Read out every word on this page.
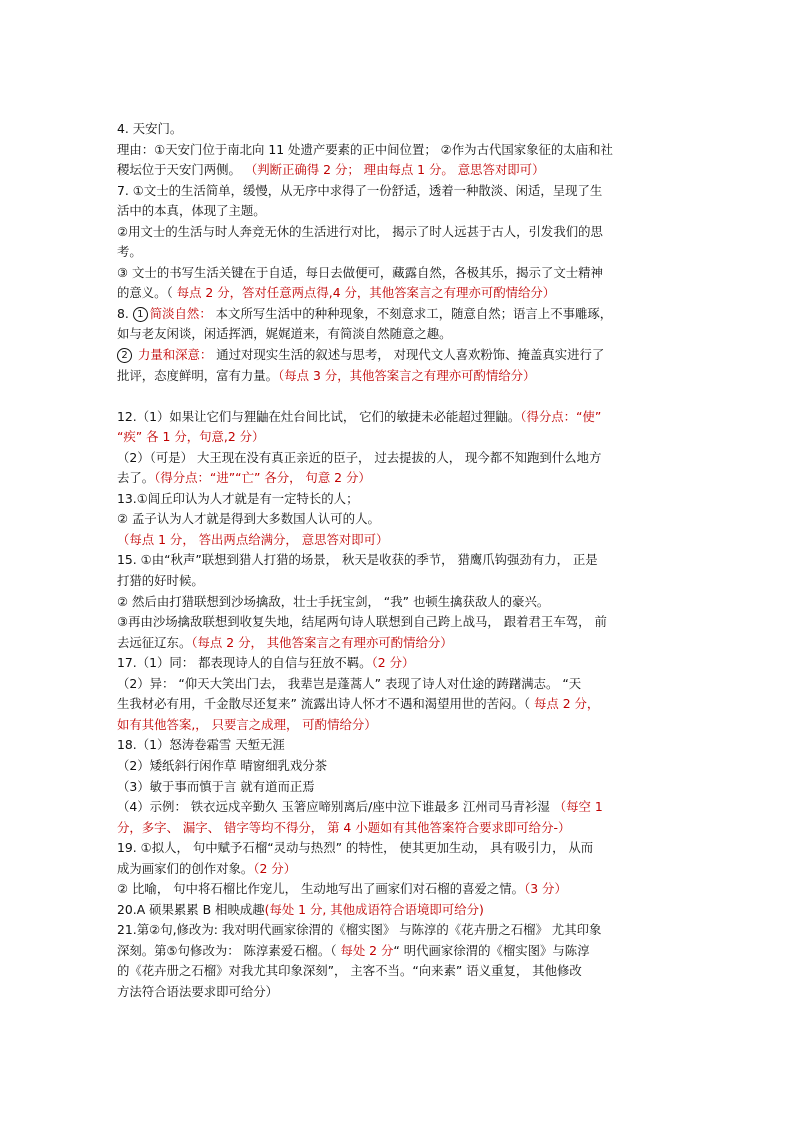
4. 天安门。
理由：①天安门位于南北向 11 处遗产要素的正中间位置； ②作为古代国家象征的太庙和社
稷坛位于天安门两侧。 （判断正确得 2 分； 理由每点 1 分。 意思答对即可）
7. ①文士的生活简单，缓慢，从无序中求得了一份舒适，透着一种散淡、闲适，呈现了生
活中的本真，体现了主题。
②用文士的生活与时人奔竞无休的生活进行对比， 揭示了时人远甚于古人，引发我们的思
考。
③ 文士的书写生活关键在于自适，每日去做便可，藏露自然，各极其乐，揭示了文士精神
的意义。（ 每点 2 分，答对任意两点得,4 分，其他答案言之有理亦可酌情给分）
8. 1 简淡自然： 本文所写生活中的种种现象，不刻意求工，随意自然；语言上不事雕琢，
如与老友闲谈，闲适挥洒，娓娓道来，有简淡自然随意之趣。
2 力量和深意： 通过对现实生活的叙述与思考， 对现代文人喜欢粉饰、掩盖真实进行了
批评，态度鲜明，富有力量。（每点 3 分，其他答案言之有理亦可酌情给分）
12.（1）如果让它们与狸鼬在灶台间比试， 它们的敏捷未必能超过狸鼬。（得分点：“使”
“疾” 各 1 分，句意,2 分）
（2）（可是） 大王现在没有真正亲近的臣子， 过去提拔的人， 现今都不知跑到什么地方
去了。（得分点：“进”“亡” 各分， 句意 2 分）
13.①闾丘印认为人才就是有一定特长的人；
② 孟子认为人才就是得到大多数国人认可的人。
（每点 1 分， 答出两点给满分， 意思答对即可）
15. ①由“秋声”联想到猎人打猎的场景， 秋天是收获的季节， 猎鹰爪钩强劲有力， 正是
打猎的好时候。
② 然后由打猎联想到沙场擒敌，壮士手抚宝剑， “我” 也顿生擒获敌人的豪兴。
③再由沙场擒敌联想到收复失地，结尾两句诗人联想到自己跨上战马， 跟着君王车驾， 前
去远征辽东。（每点 2 分， 其他答案言之有理亦可酌情给分）
17.（1）同： 都表现诗人的自信与狂放不羁。（2 分）
（2）异： “仰天大笑出门去， 我辈岂是蓬蒿人” 表现了诗人对仕途的踌躇满志。 “天
生我材必有用，千金散尽还复来” 流露出诗人怀才不遇和渴望用世的苦闷。（ 每点 2 分，
如有其他答案,， 只要言之成理， 可酌情给分）
18.（1）怒涛卷霜雪 天堑无涯
（2）矮纸斜行闲作草 晴窗细乳戏分茶
（3）敏于事而慎于言 就有道而正焉
（4）示例： 铁衣远戍辛勤久 玉箸应啼别离后/座中泣下谁最多 江州司马青衫湿 （每空 1
分，多字、 漏字、 错字等均不得分， 第 4 小题如有其他答案符合要求即可给分-）
19. ①拟人， 句中赋予石榴“灵动与热烈” 的特性， 使其更加生动， 具有吸引力， 从而
成为画家们的创作对象。（2 分）
② 比喻， 句中将石榴比作宠儿， 生动地写出了画家们对石榴的喜爱之情。（3 分）
20.A 硕果累累 B 相映成趣(每处 1 分, 其他成语符合语境即可给分)
21.第②句,修改为: 我对明代画家徐渭的《榴实图》 与陈淳的《花卉册之石榴》 尤其印象
深刻。第⑤句修改为： 陈淳素爱石榴。（ 每处 2 分“ 明代画家徐渭的《榴实图》与陈淳
的《花卉册之石榴》对我尤其印象深刻”， 主客不当。“向来素” 语义重复， 其他修改
方法符合语法要求即可给分）
